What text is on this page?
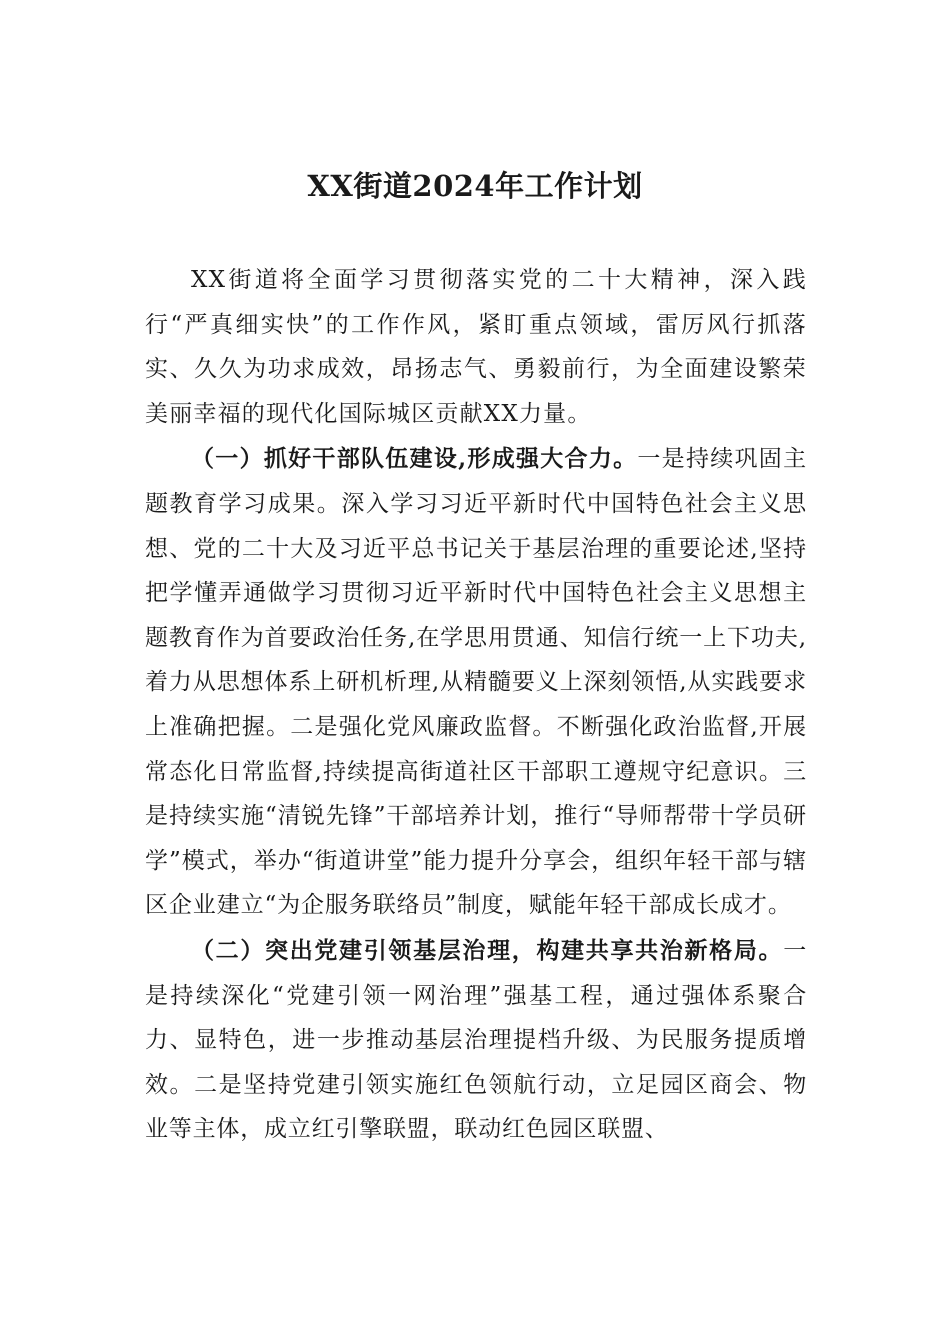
XX街道2024年工作计划

XX街道将全面学习贯彻落实党的二十大精神，深入践行“严真细实快”的工作作风，紧盯重点领域，雷厉风行抓落实、久久为功求成效，昂扬志气、勇毅前行，为全面建设繁荣美丽幸福的现代化国际城区贡献XX力量。

（一）抓好干部队伍建设,形成强大合力。一是持续巩固主题教育学习成果。深入学习习近平新时代中国特色社会主义思想、党的二十大及习近平总书记关于基层治理的重要论述,坚持把学懂弄通做学习贯彻习近平新时代中国特色社会主义思想主题教育作为首要政治任务,在学思用贯通、知信行统一上下功夫,着力从思想体系上研机析理,从精髓要义上深刻领悟,从实践要求上准确把握。二是强化党风廉政监督。不断强化政治监督,开展常态化日常监督,持续提高街道社区干部职工遵规守纪意识。三是持续实施“清锐先锋”干部培养计划，推行“导师帮带十学员研学”模式，举办“街道讲堂”能力提升分享会，组织年轻干部与辖区企业建立“为企服务联络员”制度，赋能年轻干部成长成才。

（二）突出党建引领基层治理，构建共享共治新格局。一是持续深化“党建引领一网治理”强基工程，通过强体系聚合力、显特色，进一步推动基层治理提档升级、为民服务提质增效。二是坚持党建引领实施红色领航行动，立足园区商会、物业等主体，成立红引擎联盟，联动红色园区联盟、
